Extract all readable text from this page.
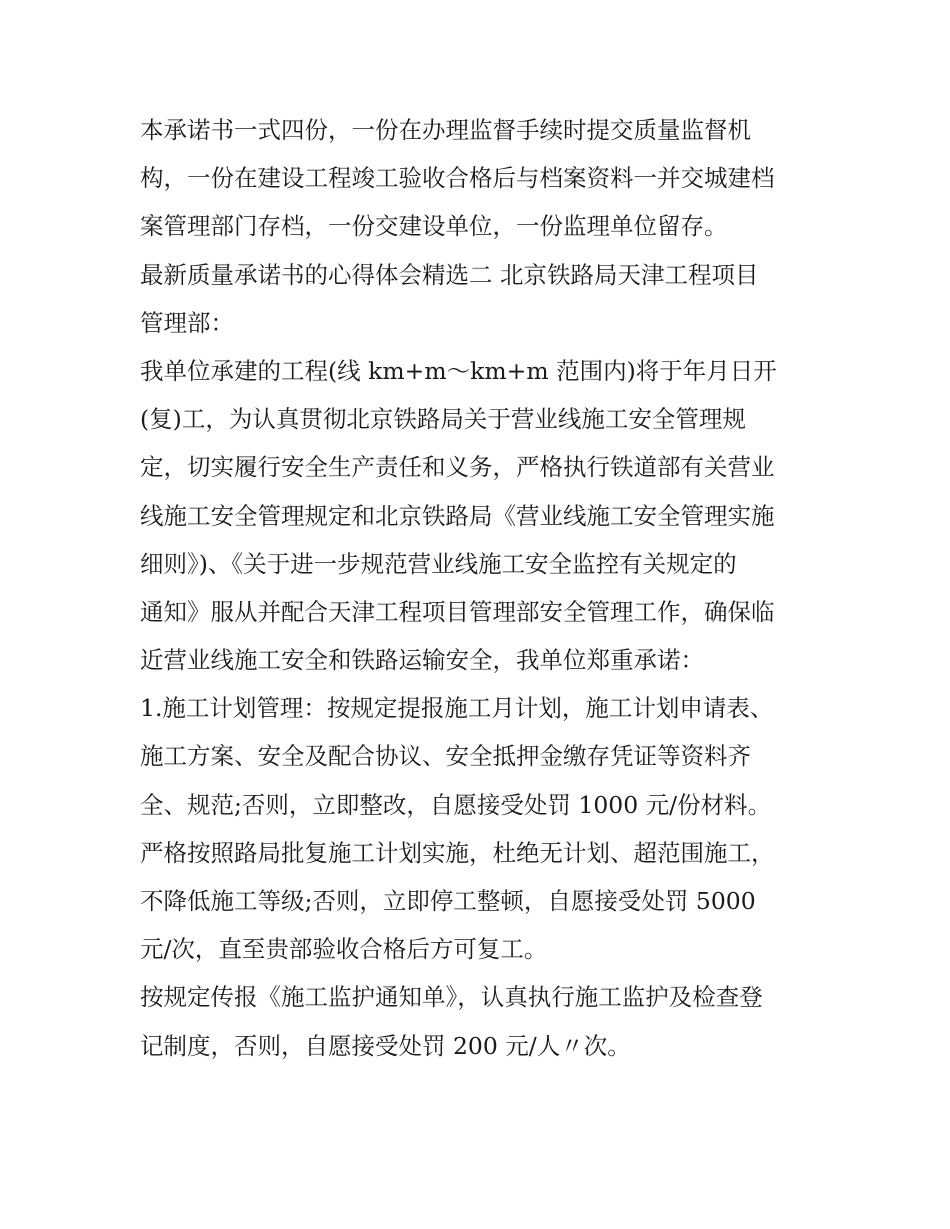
本承诺书一式四份，一份在办理监督手续时提交质量监督机
构，一份在建设工程竣工验收合格后与档案资料一并交城建档
案管理部门存档，一份交建设单位，一份监理单位留存。
最新质量承诺书的心得体会精选二 北京铁路局天津工程项目
管理部：
我单位承建的工程(线 km+m～km+m 范围内)将于年月日开
(复)工，为认真贯彻北京铁路局关于营业线施工安全管理规
定，切实履行安全生产责任和义务，严格执行铁道部有关营业
线施工安全管理规定和北京铁路局《营业线施工安全管理实施
细则》)、《关于进一步规范营业线施工安全监控有关规定的
通知》服从并配合天津工程项目管理部安全管理工作，确保临
近营业线施工安全和铁路运输安全，我单位郑重承诺：
1.施工计划管理：按规定提报施工月计划，施工计划申请表、
施工方案、安全及配合协议、安全抵押金缴存凭证等资料齐
全、规范;否则，立即整改，自愿接受处罚 1000 元/份材料。
严格按照路局批复施工计划实施，杜绝无计划、超范围施工，
不降低施工等级;否则，立即停工整顿，自愿接受处罚 5000
元/次，直至贵部验收合格后方可复工。
按规定传报《施工监护通知单》，认真执行施工监护及检查登
记制度，否则，自愿接受处罚 200 元/人〃次。
